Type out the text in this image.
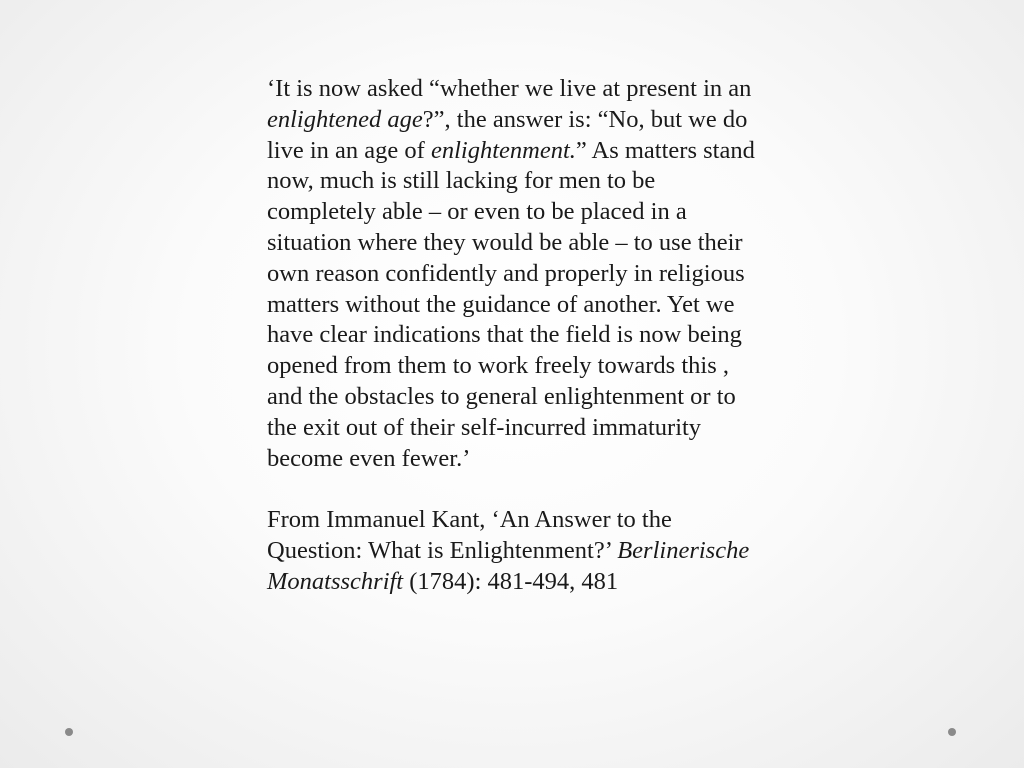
‘It is now asked “whether we live at present in an enlightened age?”, the answer is: “No, but we do live in an age of enlightenment.” As matters stand now, much is still lacking for men to be completely able – or even to be placed in a situation where they would be able – to use their own reason confidently and properly in religious matters without the guidance of another. Yet we have clear indications that the field is now being opened from them to work freely towards this , and the obstacles to general enlightenment or to the exit out of their self-incurred immaturity become even fewer.’

From Immanuel Kant, ‘An Answer to the Question: What is Enlightenment?’ Berlinerische Monatsschrift (1784): 481-494, 481
